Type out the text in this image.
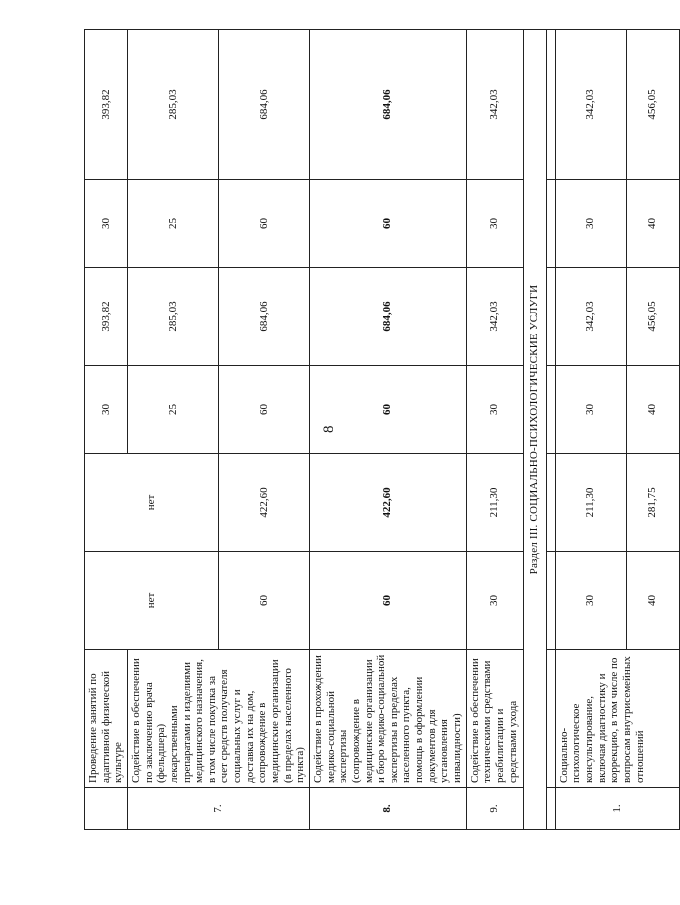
8
	Проведение занятий по адаптивной физической культуре	нет	нет	30	393,82	30	393,82
7.	Содействие в обеспечении по заключению врача (фельдшера) лекарственными препаратами и изделиями медицинского назначения, в том числе покупка за счет средств получателя социальных услуг и доставка их на дом, сопровождение в медицинские организации (в пределах населенного пункта)			25	285,03	25	285,03
		60	422,60	60	684,06	60	684,06
8.	Содействие в прохождении медико-социальной экспертизы (сопровождение в медицинские организации и бюро медико-социальной экспертизы в пределах населенного пункта, помощь в оформлении документов для установления инвалидности)	60	422,60	60	684,06	60	684,06
9.	Содействие в обеспечении техническими средствами реабилитации и средствами ухода	30	211,30	30	342,03	30	342,03
Раздел III. СОЦИАЛЬНО-ПСИХОЛОГИЧЕСКИЕ УСЛУГИ							

1.	Социально-психологическое консультирование, включая диагностику и коррекцию, в том числе по вопросам внутрисемейных отношений	30	211,30	30	342,03	30	342,03
		40	281,75	40	456,05	40	456,05
